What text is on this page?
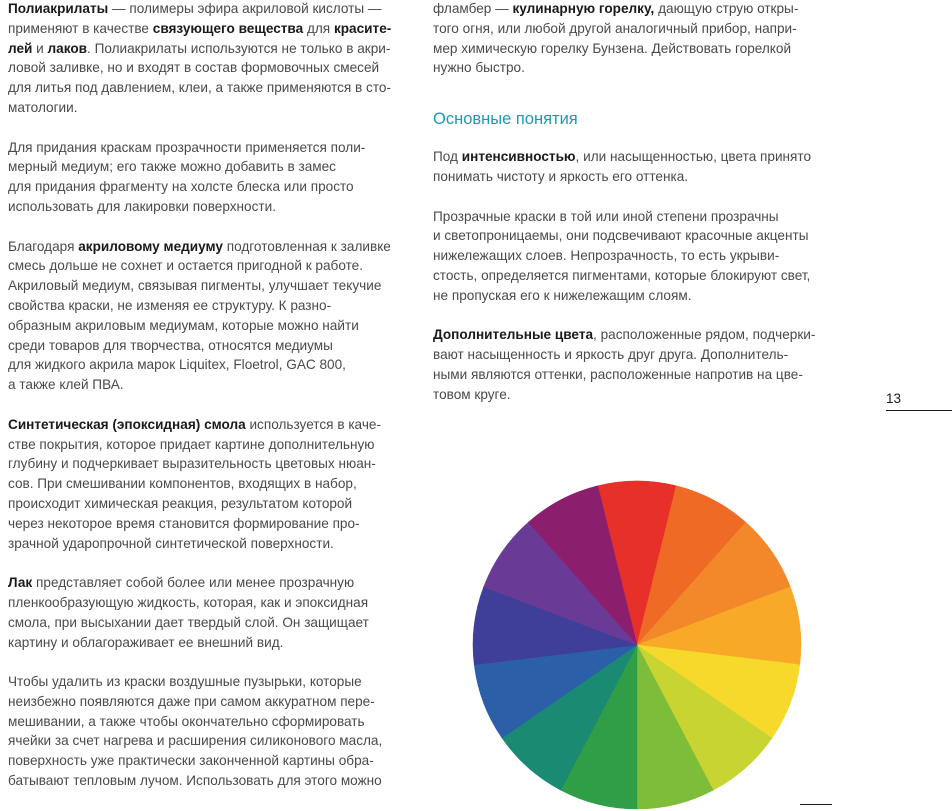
Полиакрилаты — полимеры эфира акриловой кислоты —
применяют в качестве связующего вещества для красите-
лей и лаков. Полиакрилаты используются не только в акри-
ловой заливке, но и входят в состав формовочных смесей
для литья под давлением, клеи, а также применяются в сто-
матологии.

Для придания краскам прозрачности применяется поли-
мерный медиум; его также можно добавить в замес
для придания фрагменту на холсте блеска или просто
использовать для лакировки поверхности.

Благодаря акриловому медиуму подготовленная к заливке
смесь дольше не сохнет и остается пригодной к работе.
Акриловый медиум, связывая пигменты, улучшает текучие
свойства краски, не изменяя ее структуру. К разно-
образным акриловым медиумам, которые можно найти
среди товаров для творчества, относятся медиумы
для жидкого акрила марок Liquitex, Floetrol, GAC 800,
а также клей ПВА.

Синтетическая (эпоксидная) смола используется в каче-
стве покрытия, которое придает картине дополнительную
глубину и подчеркивает выразительность цветовых нюан-
сов. При смешивании компонентов, входящих в набор,
происходит химическая реакция, результатом которой
через некоторое время становится формирование про-
зрачной ударопрочной синтетической поверхности.

Лак представляет собой более или менее прозрачную
пленкообразующую жидкость, которая, как и эпоксидная
смола, при высыхании дает твердый слой. Он защищает
картину и облагораживает ее внешний вид.

Чтобы удалить из краски воздушные пузырьки, которые
неизбежно появляются даже при самом аккуратном пере-
мешивании, а также чтобы окончательно сформировать
ячейки за счет нагрева и расширения силиконового масла,
поверхность уже практически законченной картины обра-
батывают тепловым лучом. Использовать для этого можно

фламбер — кулинарную горелку, дающую струю откры-
того огня, или любой другой аналогичный прибор, напри-
мер химическую горелку Бунзена. Действовать горелкой
нужно быстро.

Основные понятия

Под интенсивностью, или насыщенностью, цвета принято
понимать чистоту и яркость его оттенка.

Прозрачные краски в той или иной степени прозрачны
и светопроницаемы, они подсвечивают красочные акценты
нижележащих слоев. Непрозрачность, то есть укрыви-
стость, определяется пигментами, которые блокируют свет,
не пропуская его к нижележащим слоям.

Дополнительные цвета, расположенные рядом, подчерки-
вают насыщенность и яркость друг друга. Дополнитель-
ными являются оттенки, расположенные напротив на цве-
товом круге.	13
